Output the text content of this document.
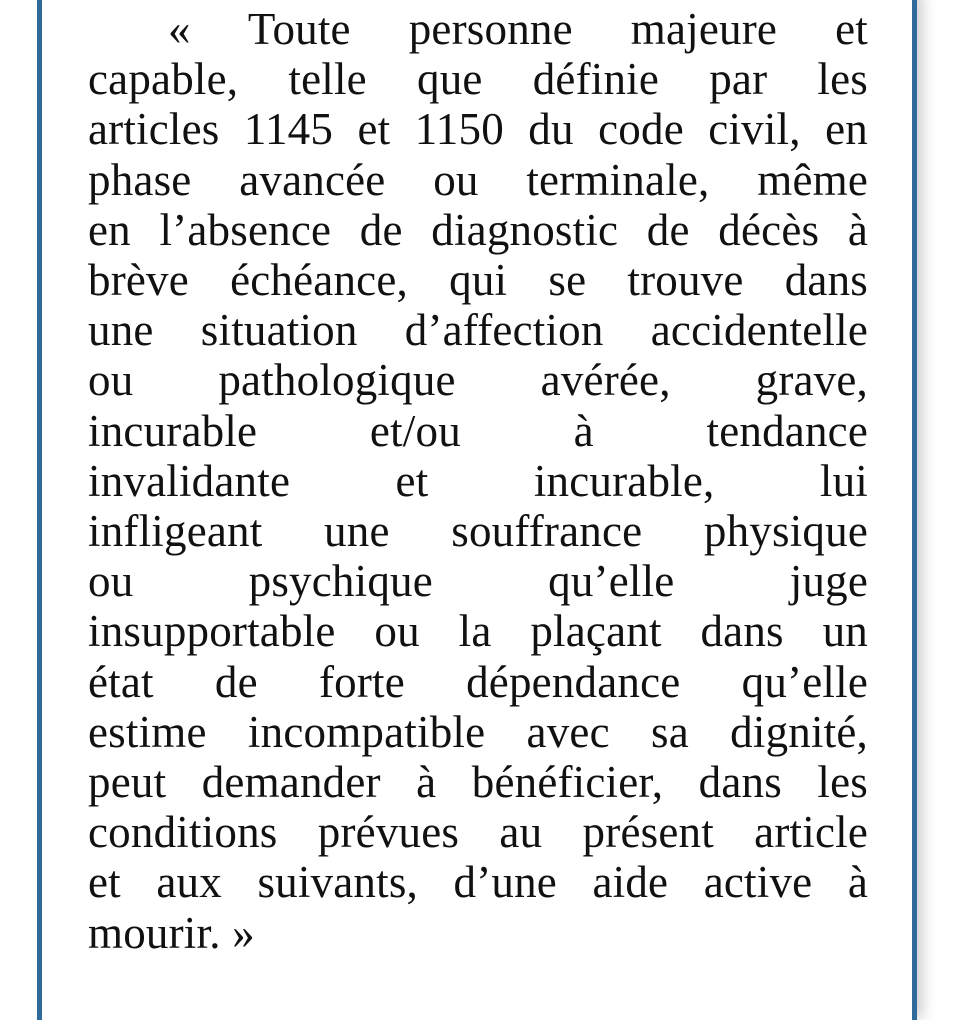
« Toute personne majeure et
capable, telle que définie par les
articles 1145 et 1150 du code civil, en
phase avancée ou terminale, même
en l’absence de diagnostic de décès à
brève échéance, qui se trouve dans
une situation d’affection accidentelle
ou pathologique avérée, grave,
incurable et/ou à tendance
invalidante et incurable, lui
infligeant une souffrance physique
ou psychique qu’elle juge
insupportable ou la plaçant dans un
état de forte dépendance qu’elle
estime incompatible avec sa dignité,
peut demander à bénéficier, dans les
conditions prévues au présent article
et aux suivants, d’une aide active à
mourir. »
